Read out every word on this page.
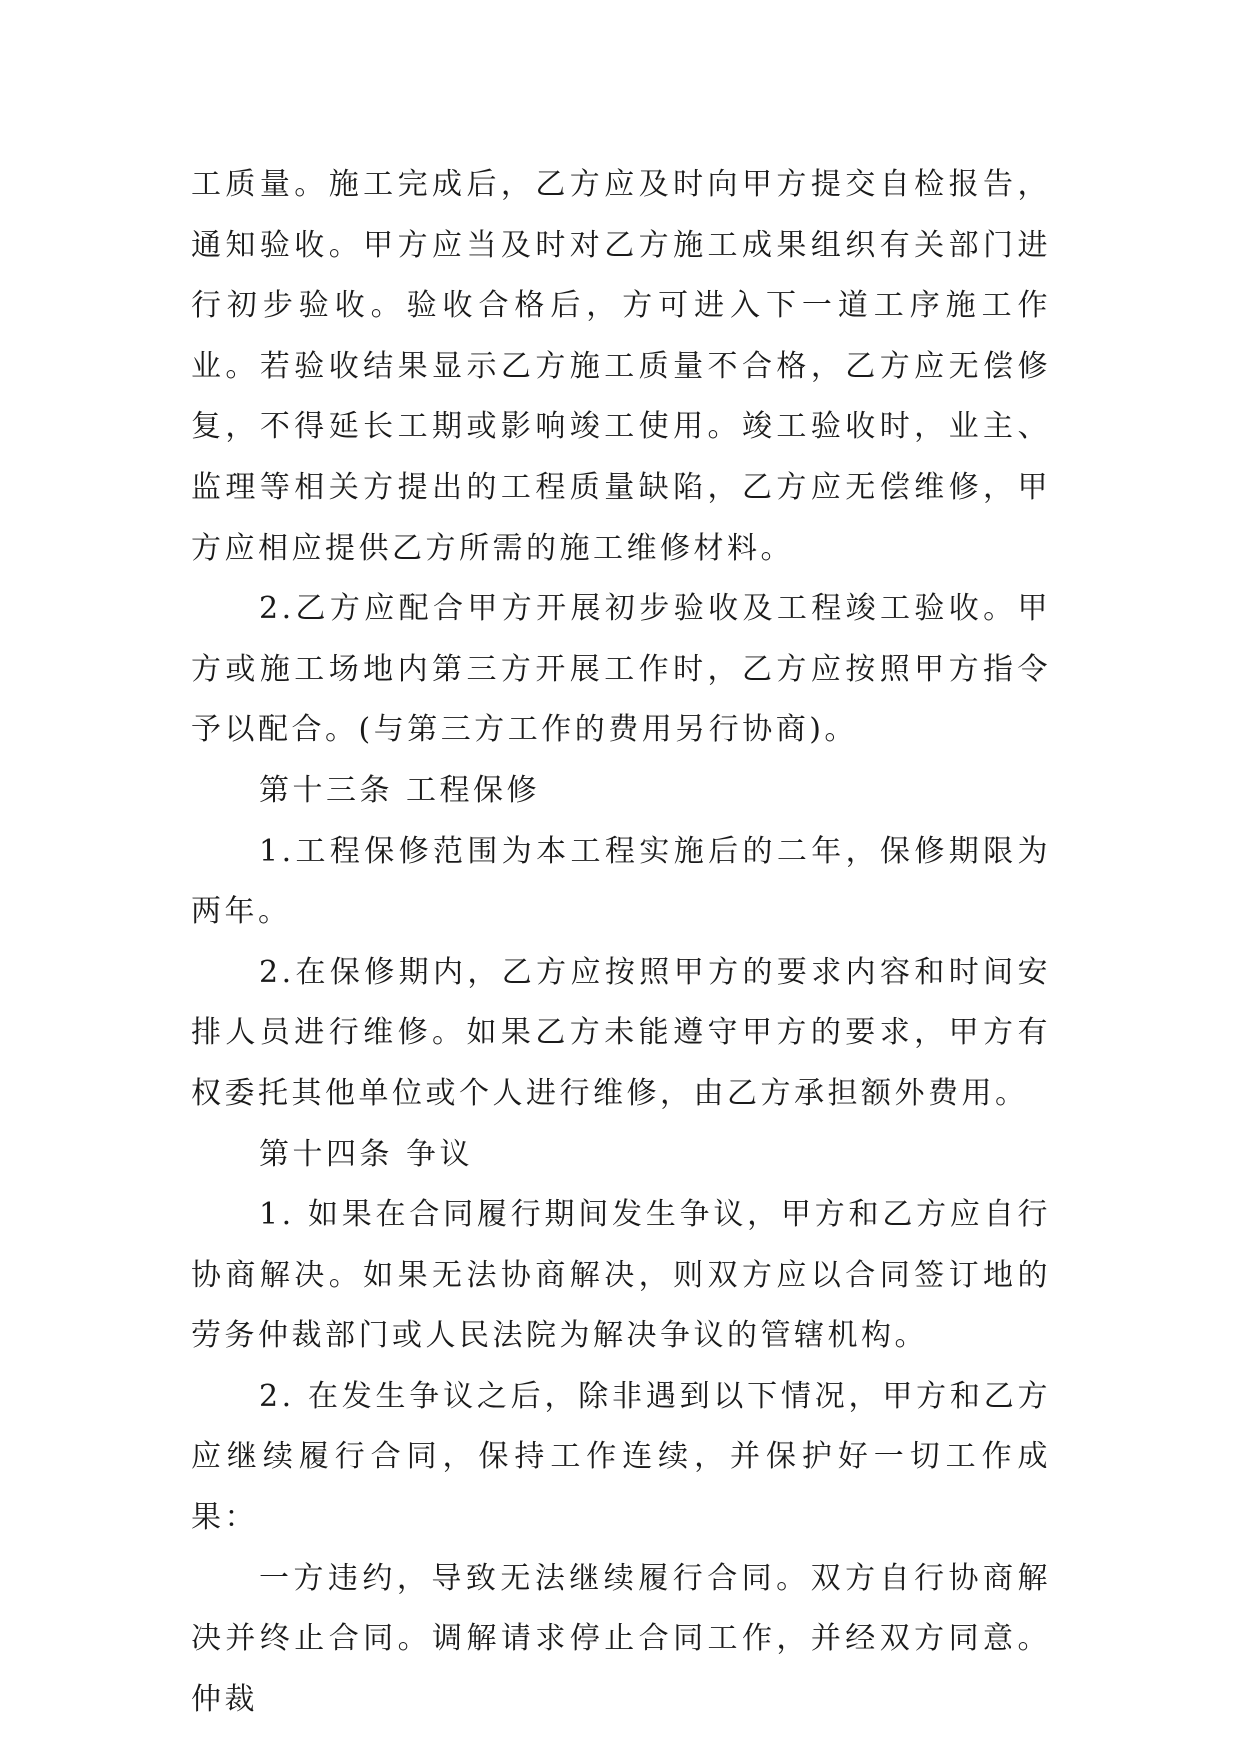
工质量。施工完成后，乙方应及时向甲方提交自检报告，通知验收。甲方应当及时对乙方施工成果组织有关部门进行初步验收。验收合格后，方可进入下一道工序施工作业。若验收结果显示乙方施工质量不合格，乙方应无偿修复，不得延长工期或影响竣工使用。竣工验收时，业主、监理等相关方提出的工程质量缺陷，乙方应无偿维修，甲方应相应提供乙方所需的施工维修材料。

2.乙方应配合甲方开展初步验收及工程竣工验收。甲方或施工场地内第三方开展工作时，乙方应按照甲方指令予以配合。(与第三方工作的费用另行协商)。

第十三条 工程保修

1.工程保修范围为本工程实施后的二年，保修期限为两年。

2.在保修期内，乙方应按照甲方的要求内容和时间安排人员进行维修。如果乙方未能遵守甲方的要求，甲方有权委托其他单位或个人进行维修，由乙方承担额外费用。

第十四条 争议

1. 如果在合同履行期间发生争议，甲方和乙方应自行协商解决。如果无法协商解决，则双方应以合同签订地的劳务仲裁部门或人民法院为解决争议的管辖机构。

2. 在发生争议之后，除非遇到以下情况，甲方和乙方应继续履行合同，保持工作连续，并保护好一切工作成果：

一方违约，导致无法继续履行合同。双方自行协商解决并终止合同。调解请求停止合同工作，并经双方同意。仲裁
